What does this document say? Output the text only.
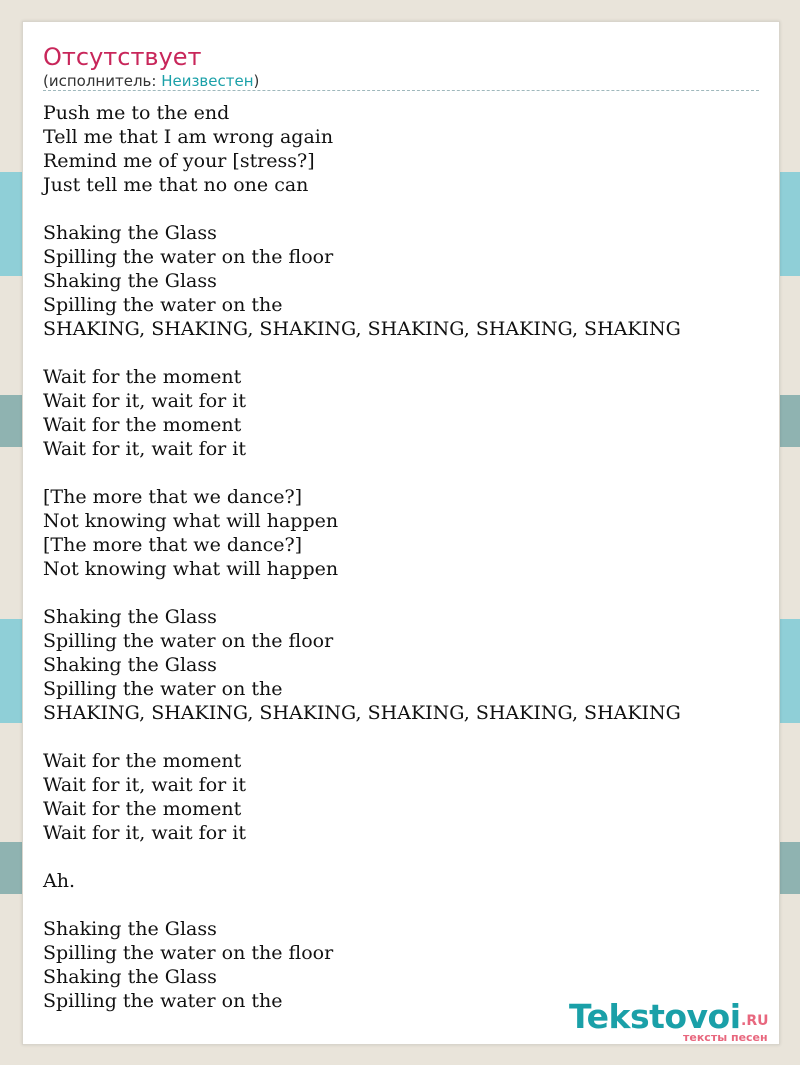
Отсутствует
(исполнитель: Неизвестен)
Push me to the end
Tell me that I am wrong again
Remind me of your [stress?]
Just tell me that no one can
Shaking the Glass
Spilling the water on the floor
Shaking the Glass
Spilling the water on the
SHAKING, SHAKING, SHAKING, SHAKING, SHAKING, SHAKING
Wait for the moment
Wait for it, wait for it
Wait for the moment
Wait for it, wait for it
[The more that we dance?]
Not knowing what will happen
[The more that we dance?]
Not knowing what will happen
Shaking the Glass
Spilling the water on the floor
Shaking the Glass
Spilling the water on the
SHAKING, SHAKING, SHAKING, SHAKING, SHAKING, SHAKING
Wait for the moment
Wait for it, wait for it
Wait for the moment
Wait for it, wait for it
Ah.
Shaking the Glass
Spilling the water on the floor
Shaking the Glass
Spilling the water on the	Tekstovoi .RU
тексты песен
